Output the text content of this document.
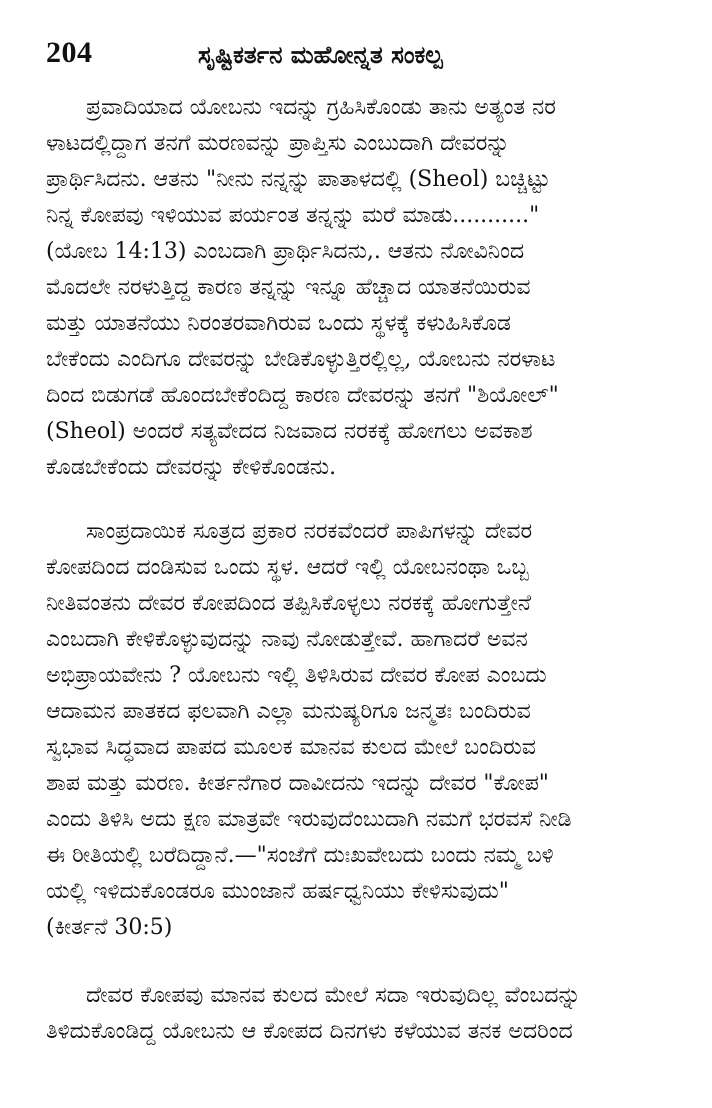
204	ಸೃಷ್ಟಿಕರ್ತನ ಮಹೋನ್ನತ ಸಂಕಲ್ಪ
ಪ್ರವಾದಿಯಾದ ಯೋಬನು ಇದನ್ನು ಗ್ರಹಿಸಿಕೊಂಡು ತಾನು ಅತ್ಯಂತ ನರ
ಳಾಟದಲ್ಲಿದ್ದಾಗ ತನಗೆ ಮರಣವನ್ನು ಪ್ರಾಪ್ತಿಸು ಎಂಬುದಾಗಿ ದೇವರನ್ನು
ಪ್ರಾರ್ಥಿಸಿದನು. ಆತನು "ನೀನು ನನ್ನನ್ನು ಪಾತಾಳದಲ್ಲಿ (Sheol) ಬಚ್ಚಿಟ್ಟು
ನಿನ್ನ ಕೋಪವು ಇಳಿಯುವ ಪರ್ಯಂತ ತನ್ನನ್ನು ಮರೆ ಮಾಡು..........."
(ಯೋಬ 14:13) ಎಂಬದಾಗಿ ಪ್ರಾರ್ಥಿಸಿದನು,. ಆತನು ನೋವಿನಿಂದ
ಮೊದಲೇ ನರಳುತ್ತಿದ್ದ ಕಾರಣ ತನ್ನನ್ನು ಇನ್ನೂ ಹೆಚ್ಚಾದ ಯಾತನೆಯಿರುವ
ಮತ್ತು ಯಾತನೆಯು ನಿರಂತರವಾಗಿರುವ ಒಂದು ಸ್ಥಳಕ್ಕೆ ಕಳುಹಿಸಿಕೊಡ
ಬೇಕೆಂದು ಎಂದಿಗೂ ದೇವರನ್ನು ಬೇಡಿಕೊಳ್ಳುತ್ತಿರಲ್ಲಿಲ್ಲ, ಯೋಬನು ನರಳಾಟ
ದಿಂದ ಬಿಡುಗಡೆ ಹೊಂದಬೇಕೆಂದಿದ್ದ ಕಾರಣ ದೇವರನ್ನು ತನಗೆ "ಶಿಯೋಲ್"
(Sheol) ಅಂದರೆ ಸತ್ಯವೇದದ ನಿಜವಾದ ನರಕಕ್ಕೆ ಹೋಗಲು ಅವಕಾಶ
ಕೊಡಬೇಕೆಂದು ದೇವರನ್ನು ಕೇಳಿಕೊಂಡನು.
ಸಾಂಪ್ರದಾಯಿಕ ಸೂತ್ರದ ಪ್ರಕಾರ ನರಕವೆಂದರೆ ಪಾಪಿಗಳನ್ನು ದೇವರ
ಕೋಪದಿಂದ ದಂಡಿಸುವ ಒಂದು ಸ್ಥಳ. ಆದರೆ ಇಲ್ಲಿ ಯೋಬನಂಥಾ ಒಬ್ಬ
ನೀತಿವಂತನು ದೇವರ ಕೋಪದಿಂದ ತಪ್ಪಿಸಿಕೊಳ್ಳಲು ನರಕಕ್ಕೆ ಹೋಗುತ್ತೇನೆ
ಎಂಬದಾಗಿ ಕೇಳಿಕೊಳ್ಳುವುದನ್ನು ನಾವು ನೋಡುತ್ತೇವೆ. ಹಾಗಾದರೆ ಅವನ
ಅಭಿಪ್ರಾಯವೇನು ? ಯೋಬನು ಇಲ್ಲಿ ತಿಳಿಸಿರುವ ದೇವರ ಕೋಪ ಎಂಬದು
ಆದಾಮನ ಪಾತಕದ ಫಲವಾಗಿ ಎಲ್ಲಾ ಮನುಷ್ಯರಿಗೂ ಜನ್ಮತಃ ಬಂದಿರುವ
ಸ್ವಭಾವ ಸಿದ್ಧವಾದ ಪಾಪದ ಮೂಲಕ ಮಾನವ ಕುಲದ ಮೇಲೆ ಬಂದಿರುವ
ಶಾಪ ಮತ್ತು ಮರಣ. ಕೀರ್ತನೆಗಾರ ದಾವೀದನು ಇದನ್ನು ದೇವರ "ಕೋಪ"
ಎಂದು ತಿಳಿಸಿ ಅದು ಕ್ಷಣ ಮಾತ್ರವೇ ಇರುವುದೆಂಬುದಾಗಿ ನಮಗೆ ಭರವಸೆ ನೀಡಿ
ಈ ರೀತಿಯಲ್ಲಿ ಬರೆದಿದ್ದಾನೆ.—"ಸಂಜೆಗೆ ದುಃಖವೇಬದು ಬಂದು ನಮ್ಮ ಬಳಿ
ಯಲ್ಲಿ ಇಳಿದುಕೊಂಡರೂ ಮುಂಜಾನೆ ಹರ್ಷಧ್ವನಿಯು ಕೇಳಿಸುವುದು"
(ಕೀರ್ತನೆ 30:5)
ದೇವರ ಕೋಪವು ಮಾನವ ಕುಲದ ಮೇಲೆ ಸದಾ ಇರುವುದಿಲ್ಲ ವೆಂಬದನ್ನು
ತಿಳಿದುಕೊಂಡಿದ್ದ ಯೋಬನು ಆ ಕೋಪದ ದಿನಗಳು ಕಳೆಯುವ ತನಕ ಅದರಿಂದ
